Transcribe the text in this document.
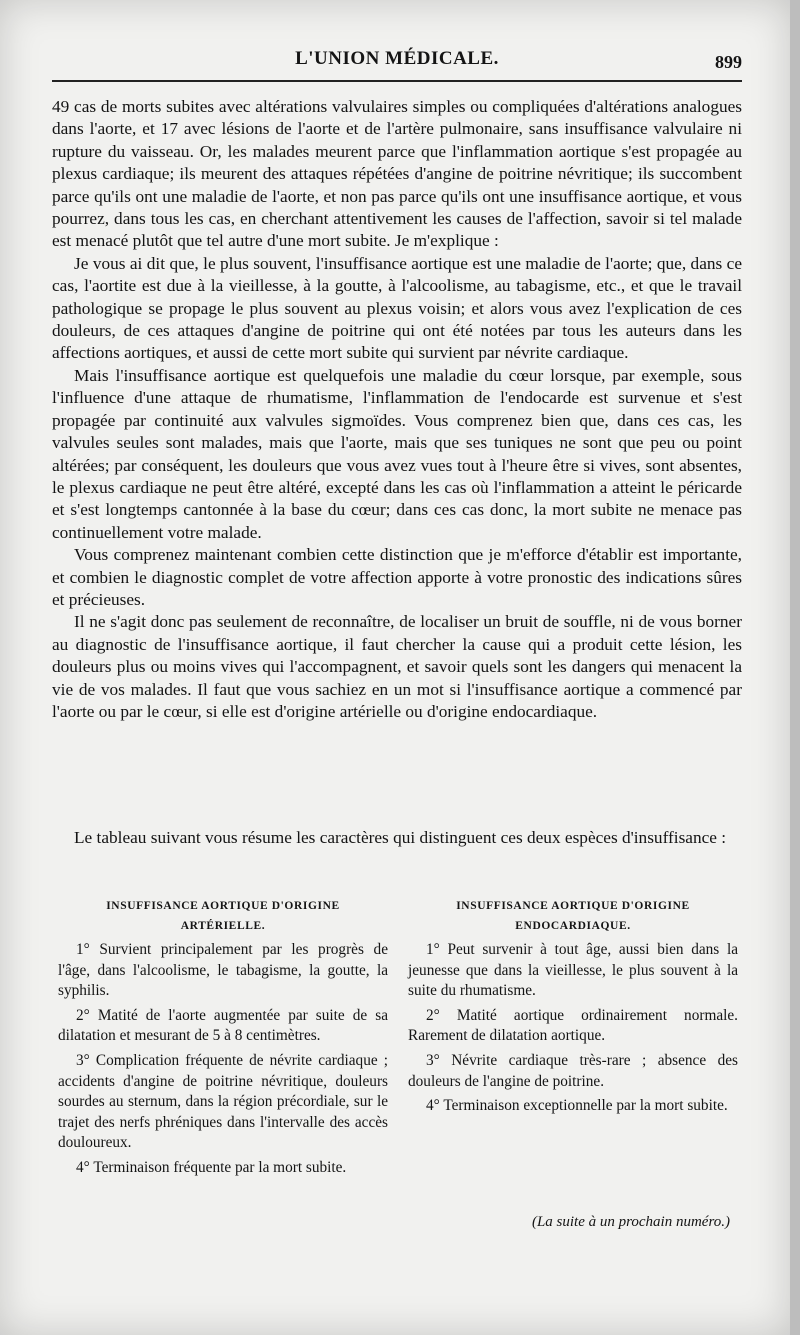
L'UNION MÉDICALE.	899

49 cas de morts subites avec altérations valvulaires simples ou compliquées d'altérations analogues dans l'aorte, et 17 avec lésions de l'aorte et de l'artère pulmonaire, sans insuffisance valvulaire ni rupture du vaisseau. Or, les malades meurent parce que l'inflammation aortique s'est propagée au plexus cardiaque; ils meurent des attaques répétées d'angine de poitrine névritique; ils succombent parce qu'ils ont une maladie de l'aorte, et non pas parce qu'ils ont une insuffisance aortique, et vous pourrez, dans tous les cas, en cherchant attentivement les causes de l'affection, savoir si tel malade est menacé plutôt que tel autre d'une mort subite. Je m'explique :

Je vous ai dit que, le plus souvent, l'insuffisance aortique est une maladie de l'aorte; que, dans ce cas, l'aortite est due à la vieillesse, à la goutte, à l'alcoolisme, au tabagisme, etc., et que le travail pathologique se propage le plus souvent au plexus voisin; et alors vous avez l'explication de ces douleurs, de ces attaques d'angine de poitrine qui ont été notées par tous les auteurs dans les affections aortiques, et aussi de cette mort subite qui survient par névrite cardiaque.

Mais l'insuffisance aortique est quelquefois une maladie du cœur lorsque, par exemple, sous l'influence d'une attaque de rhumatisme, l'inflammation de l'endocarde est survenue et s'est propagée par continuité aux valvules sigmoïdes. Vous comprenez bien que, dans ces cas, les valvules seules sont malades, mais que l'aorte, mais que ses tuniques ne sont que peu ou point altérées; par conséquent, les douleurs que vous avez vues tout à l'heure être si vives, sont absentes, le plexus cardiaque ne peut être altéré, excepté dans les cas où l'inflammation a atteint le péricarde et s'est longtemps cantonnée à la base du cœur; dans ces cas donc, la mort subite ne menace pas continuellement votre malade.

Vous comprenez maintenant combien cette distinction que je m'efforce d'établir est importante, et combien le diagnostic complet de votre affection apporte à votre pronostic des indications sûres et précieuses.

Il ne s'agit donc pas seulement de reconnaître, de localiser un bruit de souffle, ni de vous borner au diagnostic de l'insuffisance aortique, il faut chercher la cause qui a produit cette lésion, les douleurs plus ou moins vives qui l'accompagnent, et savoir quels sont les dangers qui menacent la vie de vos malades. Il faut que vous sachiez en un mot si l'insuffisance aortique a commencé par l'aorte ou par le cœur, si elle est d'origine artérielle ou d'origine endocardiaque.

Le tableau suivant vous résume les caractères qui distinguent ces deux espèces d'insuffisance :

INSUFFISANCE AORTIQUE D'ORIGINE
ARTÉRIELLE.

1° Survient principalement par les progrès de l'âge, dans l'alcoolisme, le tabagisme, la goutte, la syphilis.

2° Matité de l'aorte augmentée par suite de sa dilatation et mesurant de 5 à 8 centimètres.

3° Complication fréquente de névrite cardiaque ; accidents d'angine de poitrine névritique, douleurs sourdes au sternum, dans la région précordiale, sur le trajet des nerfs phréniques dans l'intervalle des accès douloureux.

4° Terminaison fréquente par la mort subite.

INSUFFISANCE AORTIQUE D'ORIGINE
ENDOCARDIAQUE.

1° Peut survenir à tout âge, aussi bien dans la jeunesse que dans la vieillesse, le plus souvent à la suite du rhumatisme.

2° Matité aortique ordinairement normale. Rarement de dilatation aortique.

3° Névrite cardiaque très-rare ; absence des douleurs de l'angine de poitrine.

4° Terminaison exceptionnelle par la mort subite.

(La suite à un prochain numéro.)
